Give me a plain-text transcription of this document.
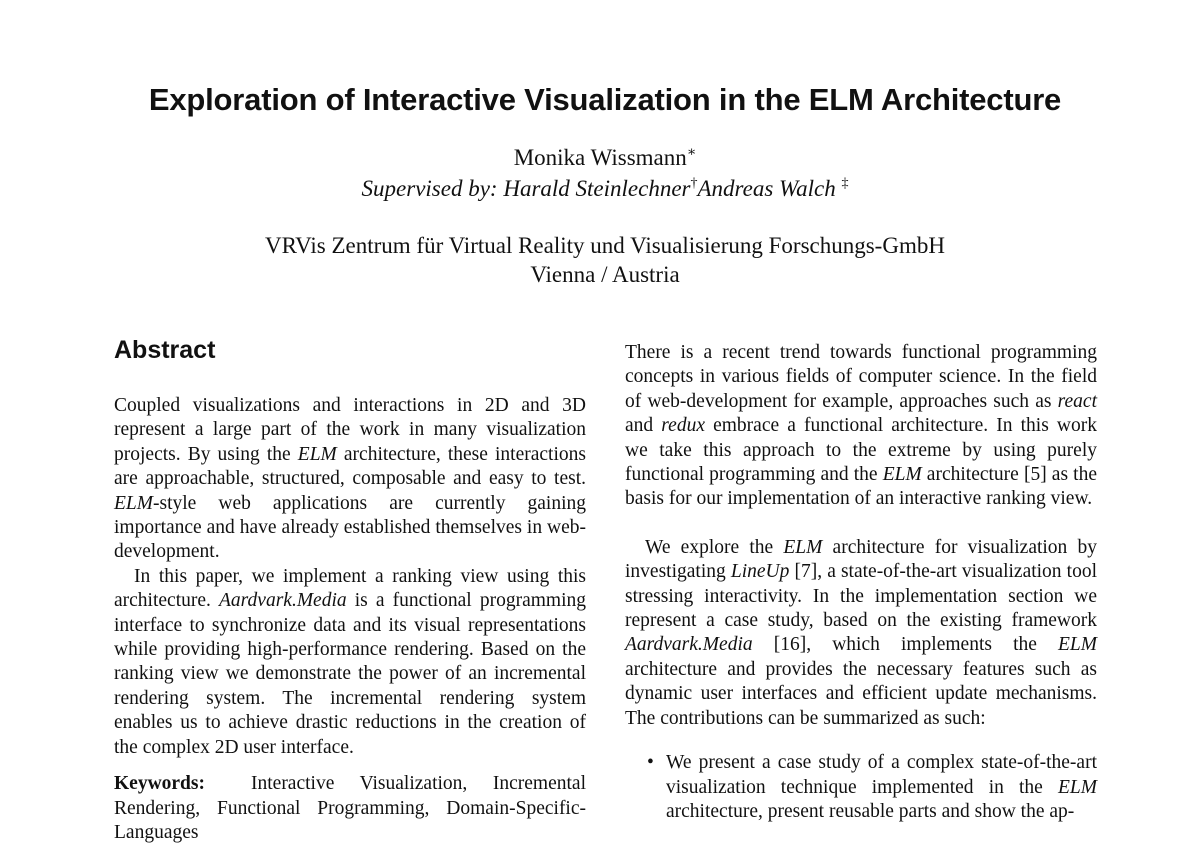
Exploration of Interactive Visualization in the ELM Architecture
Monika Wissmann∗
Supervised by: Harald Steinlechner†Andreas Walch ‡
VRVis Zentrum für Virtual Reality und Visualisierung Forschungs-GmbH
Vienna / Austria
Abstract

Coupled visualizations and interactions in 2D and 3D represent a large part of the work in many visualization projects. By using the ELM architecture, these interactions are approachable, structured, composable and easy to test. ELM-style web applications are currently gaining importance and have already established themselves in web-development.

In this paper, we implement a ranking view using this architecture. Aardvark.Media is a functional programming interface to synchronize data and its visual representations while providing high-performance rendering. Based on the ranking view we demonstrate the power of an incremental rendering system. The incremental rendering system enables us to achieve drastic reductions in the creation of the complex 2D user interface.

Keywords: Interactive Visualization, Incremental Rendering, Functional Programming, Domain-Specific-Languages

There is a recent trend towards functional programming concepts in various fields of computer science. In the field of web-development for example, approaches such as react and redux embrace a functional architecture. In this work we take this approach to the extreme by using purely functional programming and the ELM architecture [5] as the basis for our implementation of an interactive ranking view.

We explore the ELM architecture for visualization by investigating LineUp [7], a state-of-the-art visualization tool stressing interactivity. In the implementation section we represent a case study, based on the existing framework Aardvark.Media [16], which implements the ELM architecture and provides the necessary features such as dynamic user interfaces and efficient update mechanisms. The contributions can be summarized as such:

• We present a case study of a complex state-of-the-art visualization technique implemented in the ELM architecture, present reusable parts and show the ap-
